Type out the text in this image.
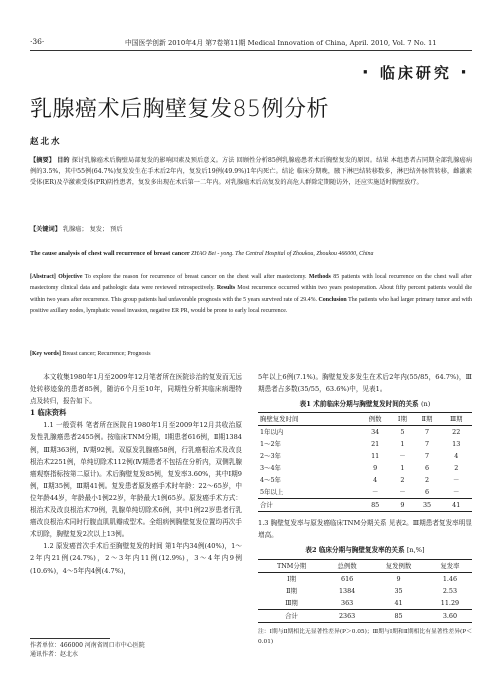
·36·	中国医学创新 2010年4月 第7卷第11期 Medical Innovation of China, April. 2010, Vol. 7 No. 11
· 临床研究 ·
乳腺癌术后胸壁复发85例分析
赵北水
【摘要】 目的 探讨乳腺癌术后胸壁局部复发的影响因素及预后意义。方法 回顾性分析85例乳腺癌患者术后胸壁复发的原因。结果 本组患者占同期全部乳腺癌病例的3.5%，其中55例(64.7%)复发发生在手术后2年内，复发后19例(49.9%)1年内死亡。结论 临床分期晚，腋下淋巴结转移数多，淋巴结外脉管转移，雌激素受体(ER)及孕激素受体(PR)阴性患者，复发多出现在术后第一二年内。对乳腺癌术后高复发的高危人群除定期随访外，还应实施适时胸壁放疗。
【关键词】 乳腺癌； 复发； 预后
The cause analysis of chest wall recurrence of breast cancer ZHAO Bei - yong. The Central Hospital of Zhoukou, Zhoukou 466000, China
[Abstract] Objective To explore the reason for recurrence of breast cancer on the chest wall after mastectomy. Methods 85 patients with local recurrence on the chest wall after mastectomy clinical data and pathologic data were reviewed retrospectively. Results Most recurrence occurred within two years postoperation. About fifty percent patients would die within two years after recurrence. This group patients had unfavorable prognosis with the 5 years survived rate of 29.4%. Conclusion The patients who had larger primary tumor and with positive axillary nodes, lymphatic vessel invasion, negative ER PR, would be prone to early local recurrence.
[Key words] Breast cancer; Recurrence; Prognosis

本文收集1980年1月至2009年12月笔者所在医院诊治的复发而无远处转移迹象的患者85例，随访6个月至10年，同期性分析其临床病理特点及转归，报告如下。

1 临床资料

1.1 一般资料 笔者所在医院自1980年1月至2009年12月共收治原发性乳腺癌患者2455例。按临床TNM分期，Ⅰ期患者616例，Ⅱ期1384例，Ⅲ期363例，Ⅳ期92例。双原发乳腺癌58例，行乳癌根治术及改良根治术2251例，单纯切除术112例(Ⅳ期患者不包括在分析内，双侧乳腺癌观察指标按第二原计)。术后胸壁复发85例，复发率3.60%，其中Ⅰ期9例，Ⅱ期35例，Ⅲ期41例。复发患者原发癌手术时年龄：22～65岁，中位年龄44岁，年龄最小1例22岁，年龄最大1例65岁。原发癌手术方式：根治术及改良根治术79例，乳腺单纯切除术6例，其中1例22岁患者行乳癌改良根治术同时行腹直肌肌瓣成型术。全组病例胸壁复发位置均再次手术切除，胸壁复发2次以上13例。

1.2 原发癌首次手术后至胸壁复发的时间 第1年内34例(40%)，1～2年内21例(24.7%)，2～3年内11例(12.9%)，3～4年内9例(10.6%)，4～5年内4例(4.7%)，

作者单位：466000 河南省周口市中心医院
通讯作者：赵北水

5年以上6例(7.1%)。胸壁复发多发生在术后2年内(55/85，64.7%)，Ⅲ期患者占多数(35/55，63.6%)中，见表1。

表1 术前临床分期与胸壁复发时间的关系 (n)
胸壁复发时间	例数	Ⅰ期	Ⅱ期	Ⅲ期
1年以内	34	5	7	22
1～2年	21	1	7	13
2～3年	11	－	7	4
3～4年	9	1	6	2
4～5年	4	2	2	－
5年以上	－	－	6	－
合计	85	9	35	41

1.3 胸壁复发率与原发癌临床TNM分期关系 见表2。Ⅲ期患者复发率明显增高。

表2 临床分期与胸壁复发率的关系 [n,%]
TNM分期	总例数	复发例数	复发率
Ⅰ期	616	9	1.46
Ⅱ期	1384	35	2.53
Ⅲ期	363	41	11.29
合计	2363	85	3.60
注：Ⅰ期与Ⅱ期相比无显著性差异(P＞0.05)；Ⅲ期与Ⅰ期和Ⅱ期相比有显著性差异(P＜0.01)
